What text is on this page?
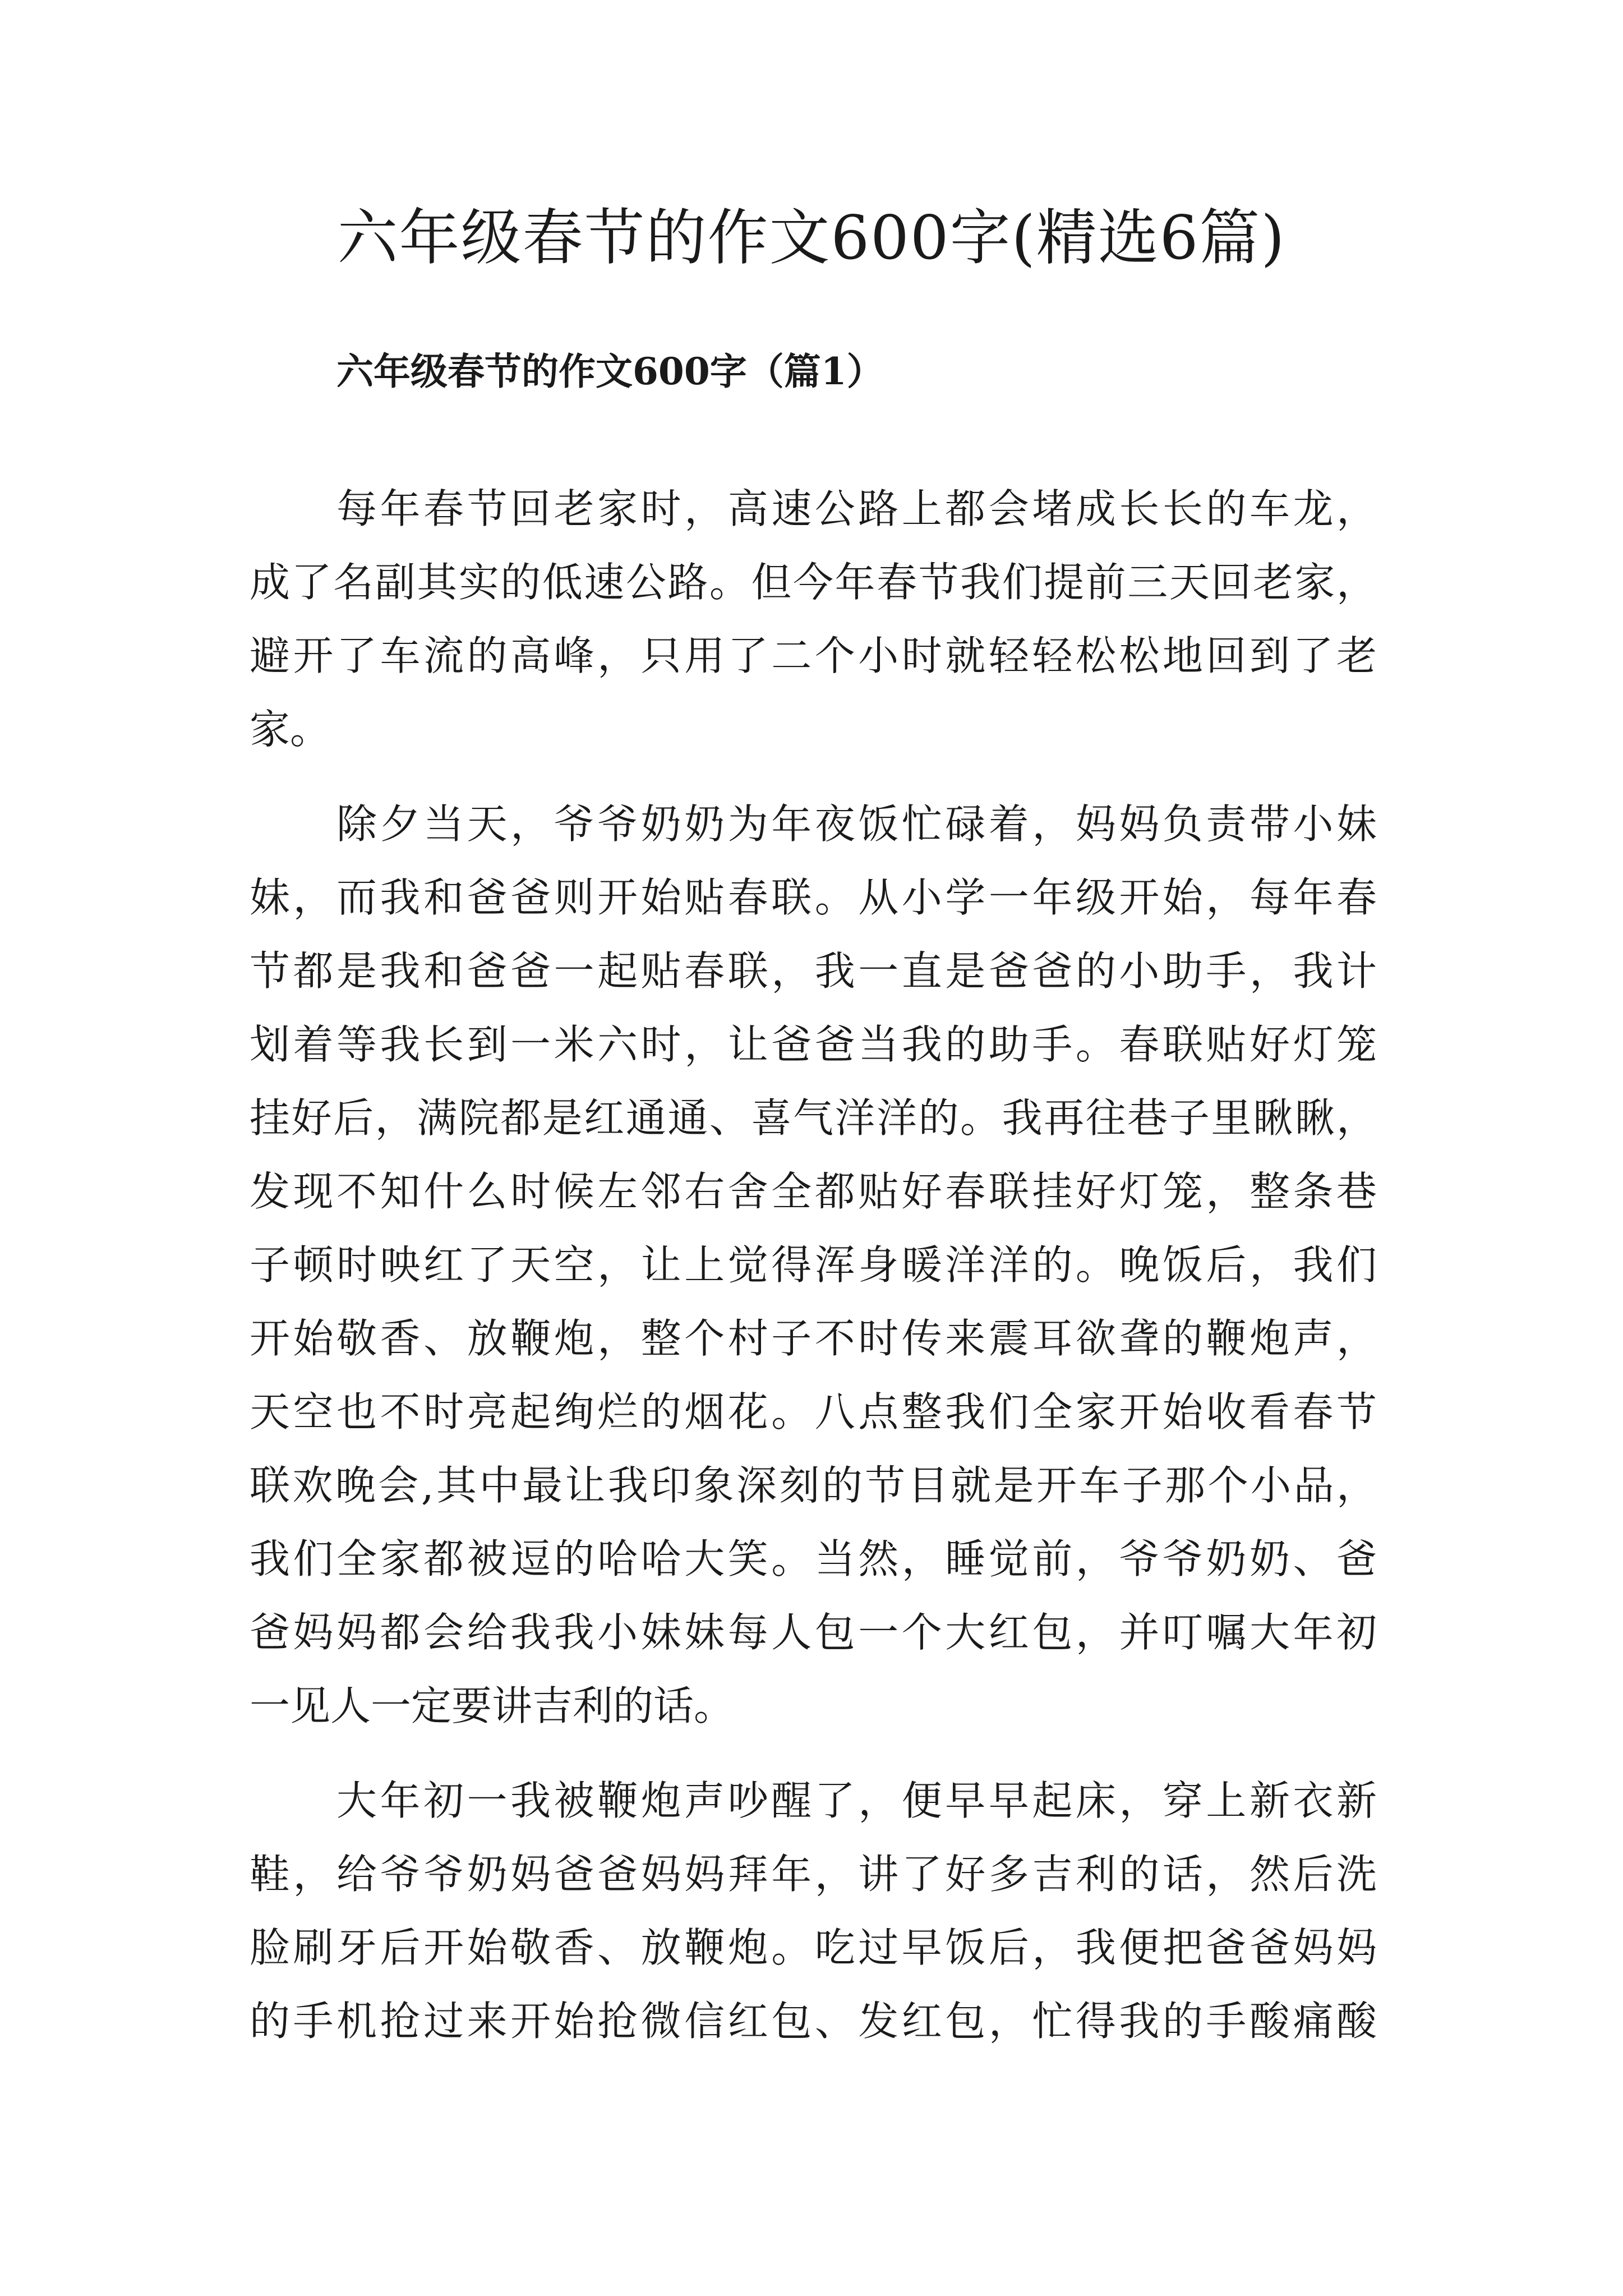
六年级春节的作文600字(精选6篇)
六年级春节的作文600字（篇1）
每年春节回老家时，高速公路上都会堵成长长的车龙，
成了名副其实的低速公路。但今年春节我们提前三天回老家，
避开了车流的高峰，只用了二个小时就轻轻松松地回到了老
家。
除夕当天，爷爷奶奶为年夜饭忙碌着，妈妈负责带小妹
妹，而我和爸爸则开始贴春联。从小学一年级开始，每年春
节都是我和爸爸一起贴春联，我一直是爸爸的小助手，我计
划着等我长到一米六时，让爸爸当我的助手。春联贴好灯笼
挂好后，满院都是红通通、喜气洋洋的。我再往巷子里瞅瞅，
发现不知什么时候左邻右舍全都贴好春联挂好灯笼，整条巷
子顿时映红了天空，让上觉得浑身暖洋洋的。晚饭后，我们
开始敬香、放鞭炮，整个村子不时传来震耳欲聋的鞭炮声，
天空也不时亮起绚烂的烟花。八点整我们全家开始收看春节
联欢晚会,其中最让我印象深刻的节目就是开车子那个小品，
我们全家都被逗的哈哈大笑。当然，睡觉前，爷爷奶奶、爸
爸妈妈都会给我我小妹妹每人包一个大红包，并叮嘱大年初
一见人一定要讲吉利的话。
大年初一我被鞭炮声吵醒了，便早早起床，穿上新衣新
鞋，给爷爷奶妈爸爸妈妈拜年，讲了好多吉利的话，然后洗
脸刷牙后开始敬香、放鞭炮。吃过早饭后，我便把爸爸妈妈
的手机抢过来开始抢微信红包、发红包，忙得我的手酸痛酸
